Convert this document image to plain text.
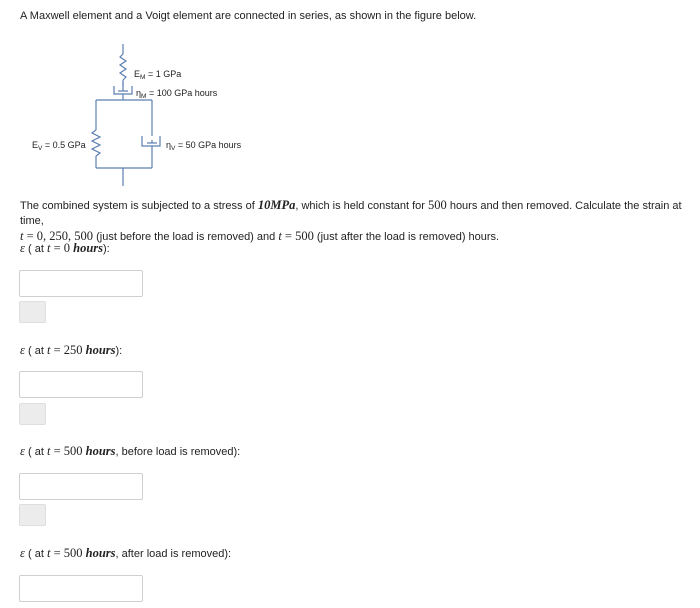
A Maxwell element and a Voigt element are connected in series, as shown in the figure below.
$E_M = 1$ GPa
$\eta_M = 100$ GPa hours
$E_V = 0.5$ GPa	$\eta_V = 50$ GPa hours
The combined system is subjected to a stress of 10MPa, which is held constant for 500 hours and then removed. Calculate the strain at time,
t = 0, 250, 500 (just before the load is removed) and t = 500 (just after the load is removed) hours.
ε ( at t = 0 hours):
ε ( at t = 250 hours):
ε ( at t = 500 hours, before load is removed):
ε ( at t = 500 hours, after load is removed):
